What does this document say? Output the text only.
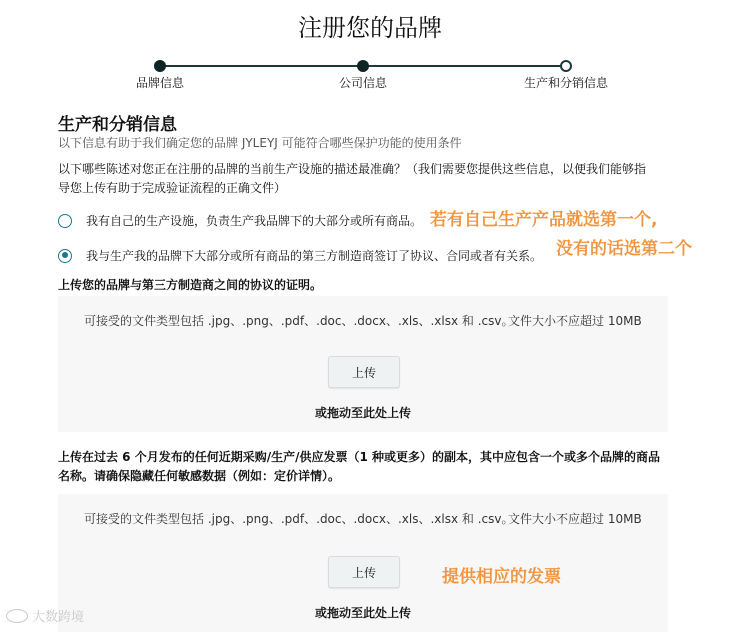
注册您的品牌
品牌信息	公司信息	生产和分销信息
生产和分销信息
以下信息有助于我们确定您的品牌 JYLEYJ 可能符合哪些保护功能的使用条件
以下哪些陈述对您正在注册的品牌的当前生产设施的描述最准确？（我们需要您提供这些信息，以便我们能够指
导您上传有助于完成验证流程的正确文件）
我有自己的生产设施，负责生产我品牌下的大部分或所有商品。
我与生产我的品牌下大部分或所有商品的第三方制造商签订了协议、合同或者有关系。
若有自己生产产品就选第一个,
没有的话选第二个
上传您的品牌与第三方制造商之间的协议的证明。
可接受的文件类型包括 .jpg、.png、.pdf、.doc、.docx、.xls、.xlsx 和 .csv。
文件大小不应超过 10MB
上传
或拖动至此处上传
上传在过去 6 个月发布的任何近期采购/生产/供应发票（1 种或更多）的副本，其中应包含一个或多个品牌的商品
名称。请确保隐藏任何敏感数据（例如：定价详情）。
可接受的文件类型包括 .jpg、.png、.pdf、.doc、.docx、.xls、.xlsx 和 .csv。
文件大小不应超过 10MB
上传
或拖动至此处上传
提供相应的发票
大数跨境
